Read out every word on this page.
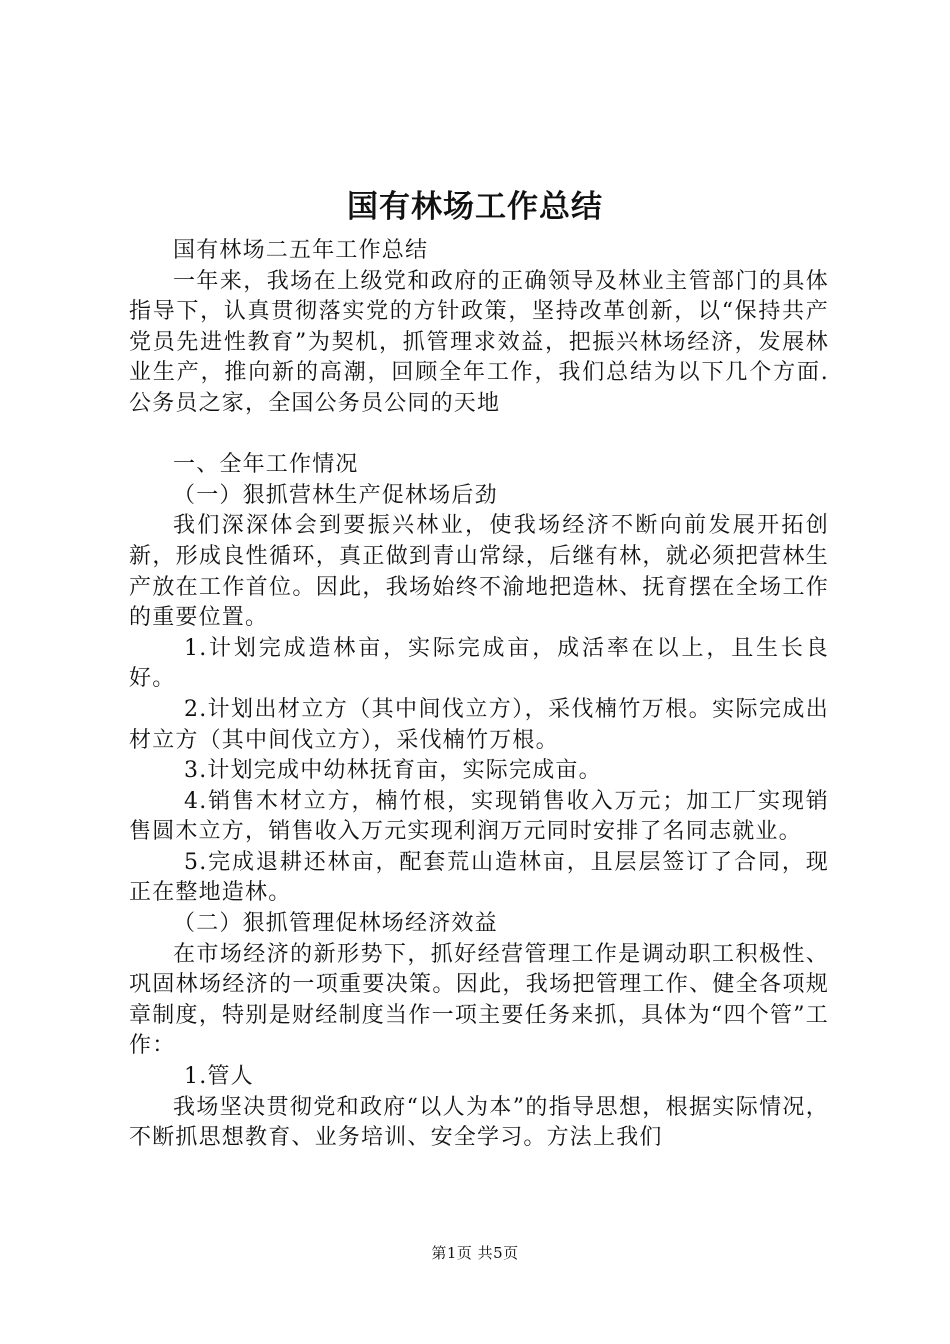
国有林场工作总结

国有林场二五年工作总结

一年来，我场在上级党和政府的正确领导及林业主管部门的具体指导下，认真贯彻落实党的方针政策，坚持改革创新，以“保持共产党员先进性教育”为契机，抓管理求效益，把振兴林场经济，发展林业生产，推向新的高潮，回顾全年工作，我们总结为以下几个方面.公务员之家，全国公务员公同的天地

一、全年工作情况

（一）狠抓营林生产促林场后劲

我们深深体会到要振兴林业，使我场经济不断向前发展开拓创新，形成良性循环，真正做到青山常绿，后继有林，就必须把营林生产放在工作首位。因此，我场始终不渝地把造林、抚育摆在全场工作的重要位置。

1.计划完成造林亩，实际完成亩，成活率在以上，且生长良好。

2.计划出材立方（其中间伐立方），采伐楠竹万根。实际完成出材立方（其中间伐立方），采伐楠竹万根。

3.计划完成中幼林抚育亩，实际完成亩。

4.销售木材立方，楠竹根，实现销售收入万元；加工厂实现销售圆木立方，销售收入万元实现利润万元同时安排了名同志就业。

5.完成退耕还林亩，配套荒山造林亩，且层层签订了合同，现正在整地造林。

（二）狠抓管理促林场经济效益

在市场经济的新形势下，抓好经营管理工作是调动职工积极性、巩固林场经济的一项重要决策。因此，我场把管理工作、健全各项规章制度，特别是财经制度当作一项主要任务来抓，具体为“四个管”工作：

1.管人

我场坚决贯彻党和政府“以人为本”的指导思想，根据实际情况，不断抓思想教育、业务培训、安全学习。方法上我们

第1页 共5页
